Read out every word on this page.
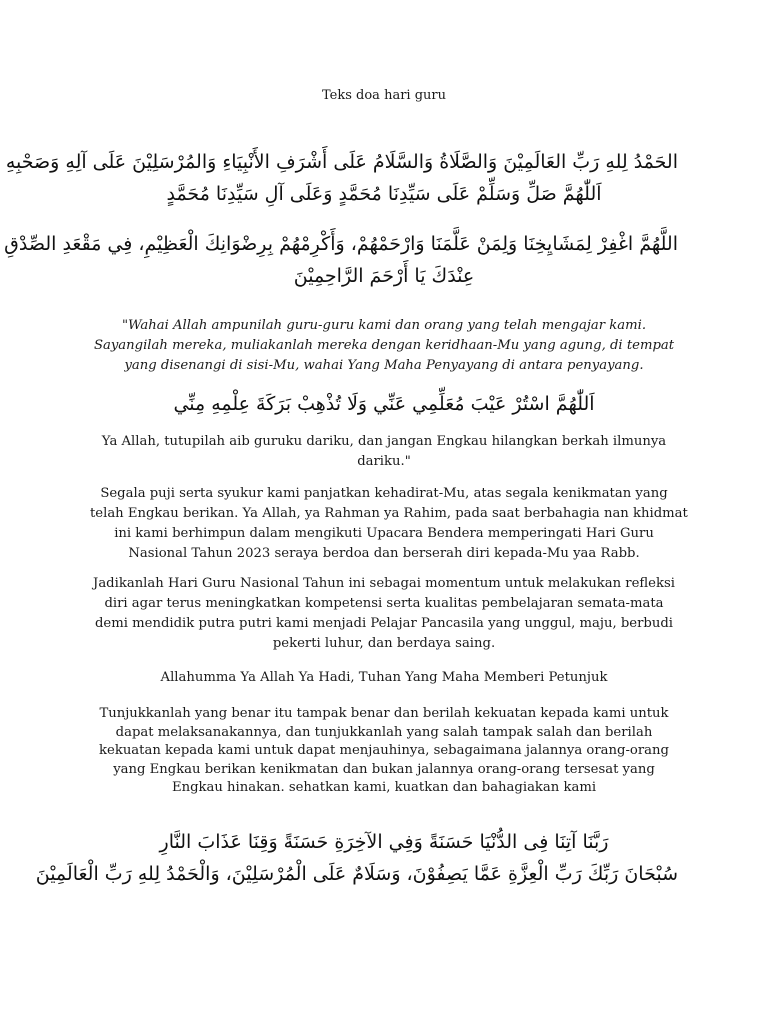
Teks doa hari guru
الحَمْدُ لِلهِ رَبِّ العَالَمِيْنَ وَالصَّلَاةُ وَالسَّلَامُ عَلَى أَشْرَفِ الأَنْبِيَاءِ وَالمُرْسَلِيْنَ عَلَى آلِهِ وَصَحْبِهِ
اَللّٰهُمَّ صَلِّ وَسَلِّمْ عَلَى سَيِّدِنَا مُحَمَّدٍ وَعَلَى آلِ سَيِّدِنَا مُحَمَّدٍ
اللَّهُمَّ اغْفِرْ لِمَشَايِخِنَا وَلِمَنْ عَلَّمَنَا وَارْحَمْهُمْ، وَأَكْرِمْهُمْ بِرِضْوَانِكَ الْعَظِيْمِ، فِي مَقْعَدِ الصِّدْقِ
عِنْدَكَ يَا أَرْحَمَ الرَّاحِمِيْنَ
"Wahai Allah ampunilah guru-guru kami dan orang yang telah mengajar kami.
Sayangilah mereka, muliakanlah mereka dengan keridhaan-Mu yang agung, di tempat
yang disenangi di sisi-Mu, wahai Yang Maha Penyayang di antara penyayang.
اَللّٰهُمَّ اسْتُرْ عَيْبَ مُعَلِّمِي عَنِّي وَلَا تُذْهِبْ بَرَكَةَ عِلْمِهِ مِنِّي
Ya Allah, tutupilah aib guruku dariku, dan jangan Engkau hilangkan berkah ilmunya
dariku."
Segala puji serta syukur kami panjatkan kehadirat-Mu, atas segala kenikmatan yang
telah Engkau berikan. Ya Allah, ya Rahman ya Rahim, pada saat berbahagia nan khidmat
ini kami berhimpun dalam mengikuti Upacara Bendera memperingati Hari Guru
Nasional Tahun 2023 seraya berdoa dan berserah diri kepada-Mu yaa Rabb.
Jadikanlah Hari Guru Nasional Tahun ini sebagai momentum untuk melakukan refleksi
diri agar terus meningkatkan kompetensi serta kualitas pembelajaran semata-mata
demi mendidik putra putri kami menjadi Pelajar Pancasila yang unggul, maju, berbudi
pekerti luhur, dan berdaya saing.
Allahumma Ya Allah Ya Hadi, Tuhan Yang Maha Memberi Petunjuk
Tunjukkanlah yang benar itu tampak benar dan berilah kekuatan kepada kami untuk
dapat melaksanakannya, dan tunjukkanlah yang salah tampak salah dan berilah
kekuatan kepada kami untuk dapat menjauhinya, sebagaimana jalannya orang-orang
yang Engkau berikan kenikmatan dan bukan jalannya orang-orang tersesat yang
Engkau hinakan. sehatkan kami, kuatkan dan bahagiakan kami
رَبَّنَا آتِنَا فِى الدُّنْيَا حَسَنَةً وَفِي الآخِرَةِ حَسَنَةً وَقِنَا عَذَابَ النَّارِ
سُبْحَانَ رَبِّكَ رَبِّ الْعِزَّةِ عَمَّا يَصِفُوْنَ، وَسَلَامٌ عَلَى الْمُرْسَلِيْنَ، وَالْحَمْدُ لِلهِ رَبِّ الْعَالَمِيْنَ
